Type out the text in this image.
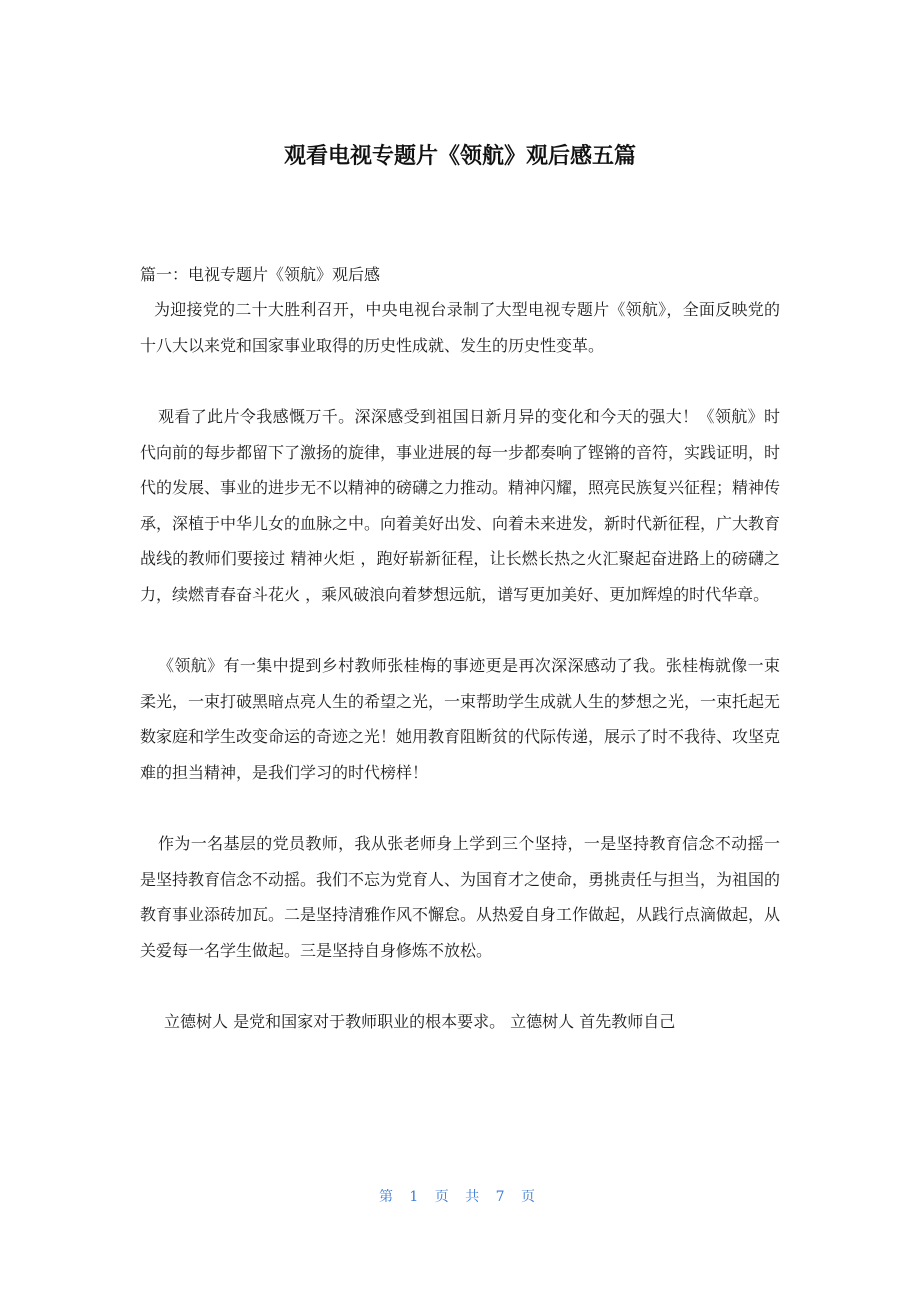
观看电视专题片《领航》观后感五篇

篇一：电视专题片《领航》观后感

为迎接党的二十大胜利召开，中央电视台录制了大型电视专题片《领航》，全面反映党的十八大以来党和国家事业取得的历史性成就、发生的历史性变革。

观看了此片令我感慨万千。深深感受到祖国日新月异的变化和今天的强大！《领航》时代向前的每步都留下了激扬的旋律，事业进展的每一步都奏响了铿锵的音符，实践证明，时代的发展、事业的进步无不以精神的磅礴之力推动。精神闪耀，照亮民族复兴征程；精神传承，深植于中华儿女的血脉之中。向着美好出发、向着未来进发，新时代新征程，广大教育战线的教师们要接过 精神火炬 ，跑好崭新征程，让长燃长热之火汇聚起奋进路上的磅礴之力，续燃青春奋斗花火 ，乘风破浪向着梦想远航，谱写更加美好、更加辉煌的时代华章。

《领航》有一集中提到乡村教师张桂梅的事迹更是再次深深感动了我。张桂梅就像一束柔光，一束打破黑暗点亮人生的希望之光，一束帮助学生成就人生的梦想之光，一束托起无数家庭和学生改变命运的奇迹之光！她用教育阻断贫的代际传递，展示了时不我待、攻坚克难的担当精神，是我们学习的时代榜样！

作为一名基层的党员教师，我从张老师身上学到三个坚持，一是坚持教育信念不动摇一是坚持教育信念不动摇。我们不忘为党育人、为国育才之使命，勇挑责任与担当，为祖国的教育事业添砖加瓦。二是坚持清雅作风不懈怠。从热爱自身工作做起，从践行点滴做起，从关爱每一名学生做起。三是坚持自身修炼不放松。

立德树人 是党和国家对于教师职业的根本要求。 立德树人 首先教师自己

第 1 页 共 7 页
